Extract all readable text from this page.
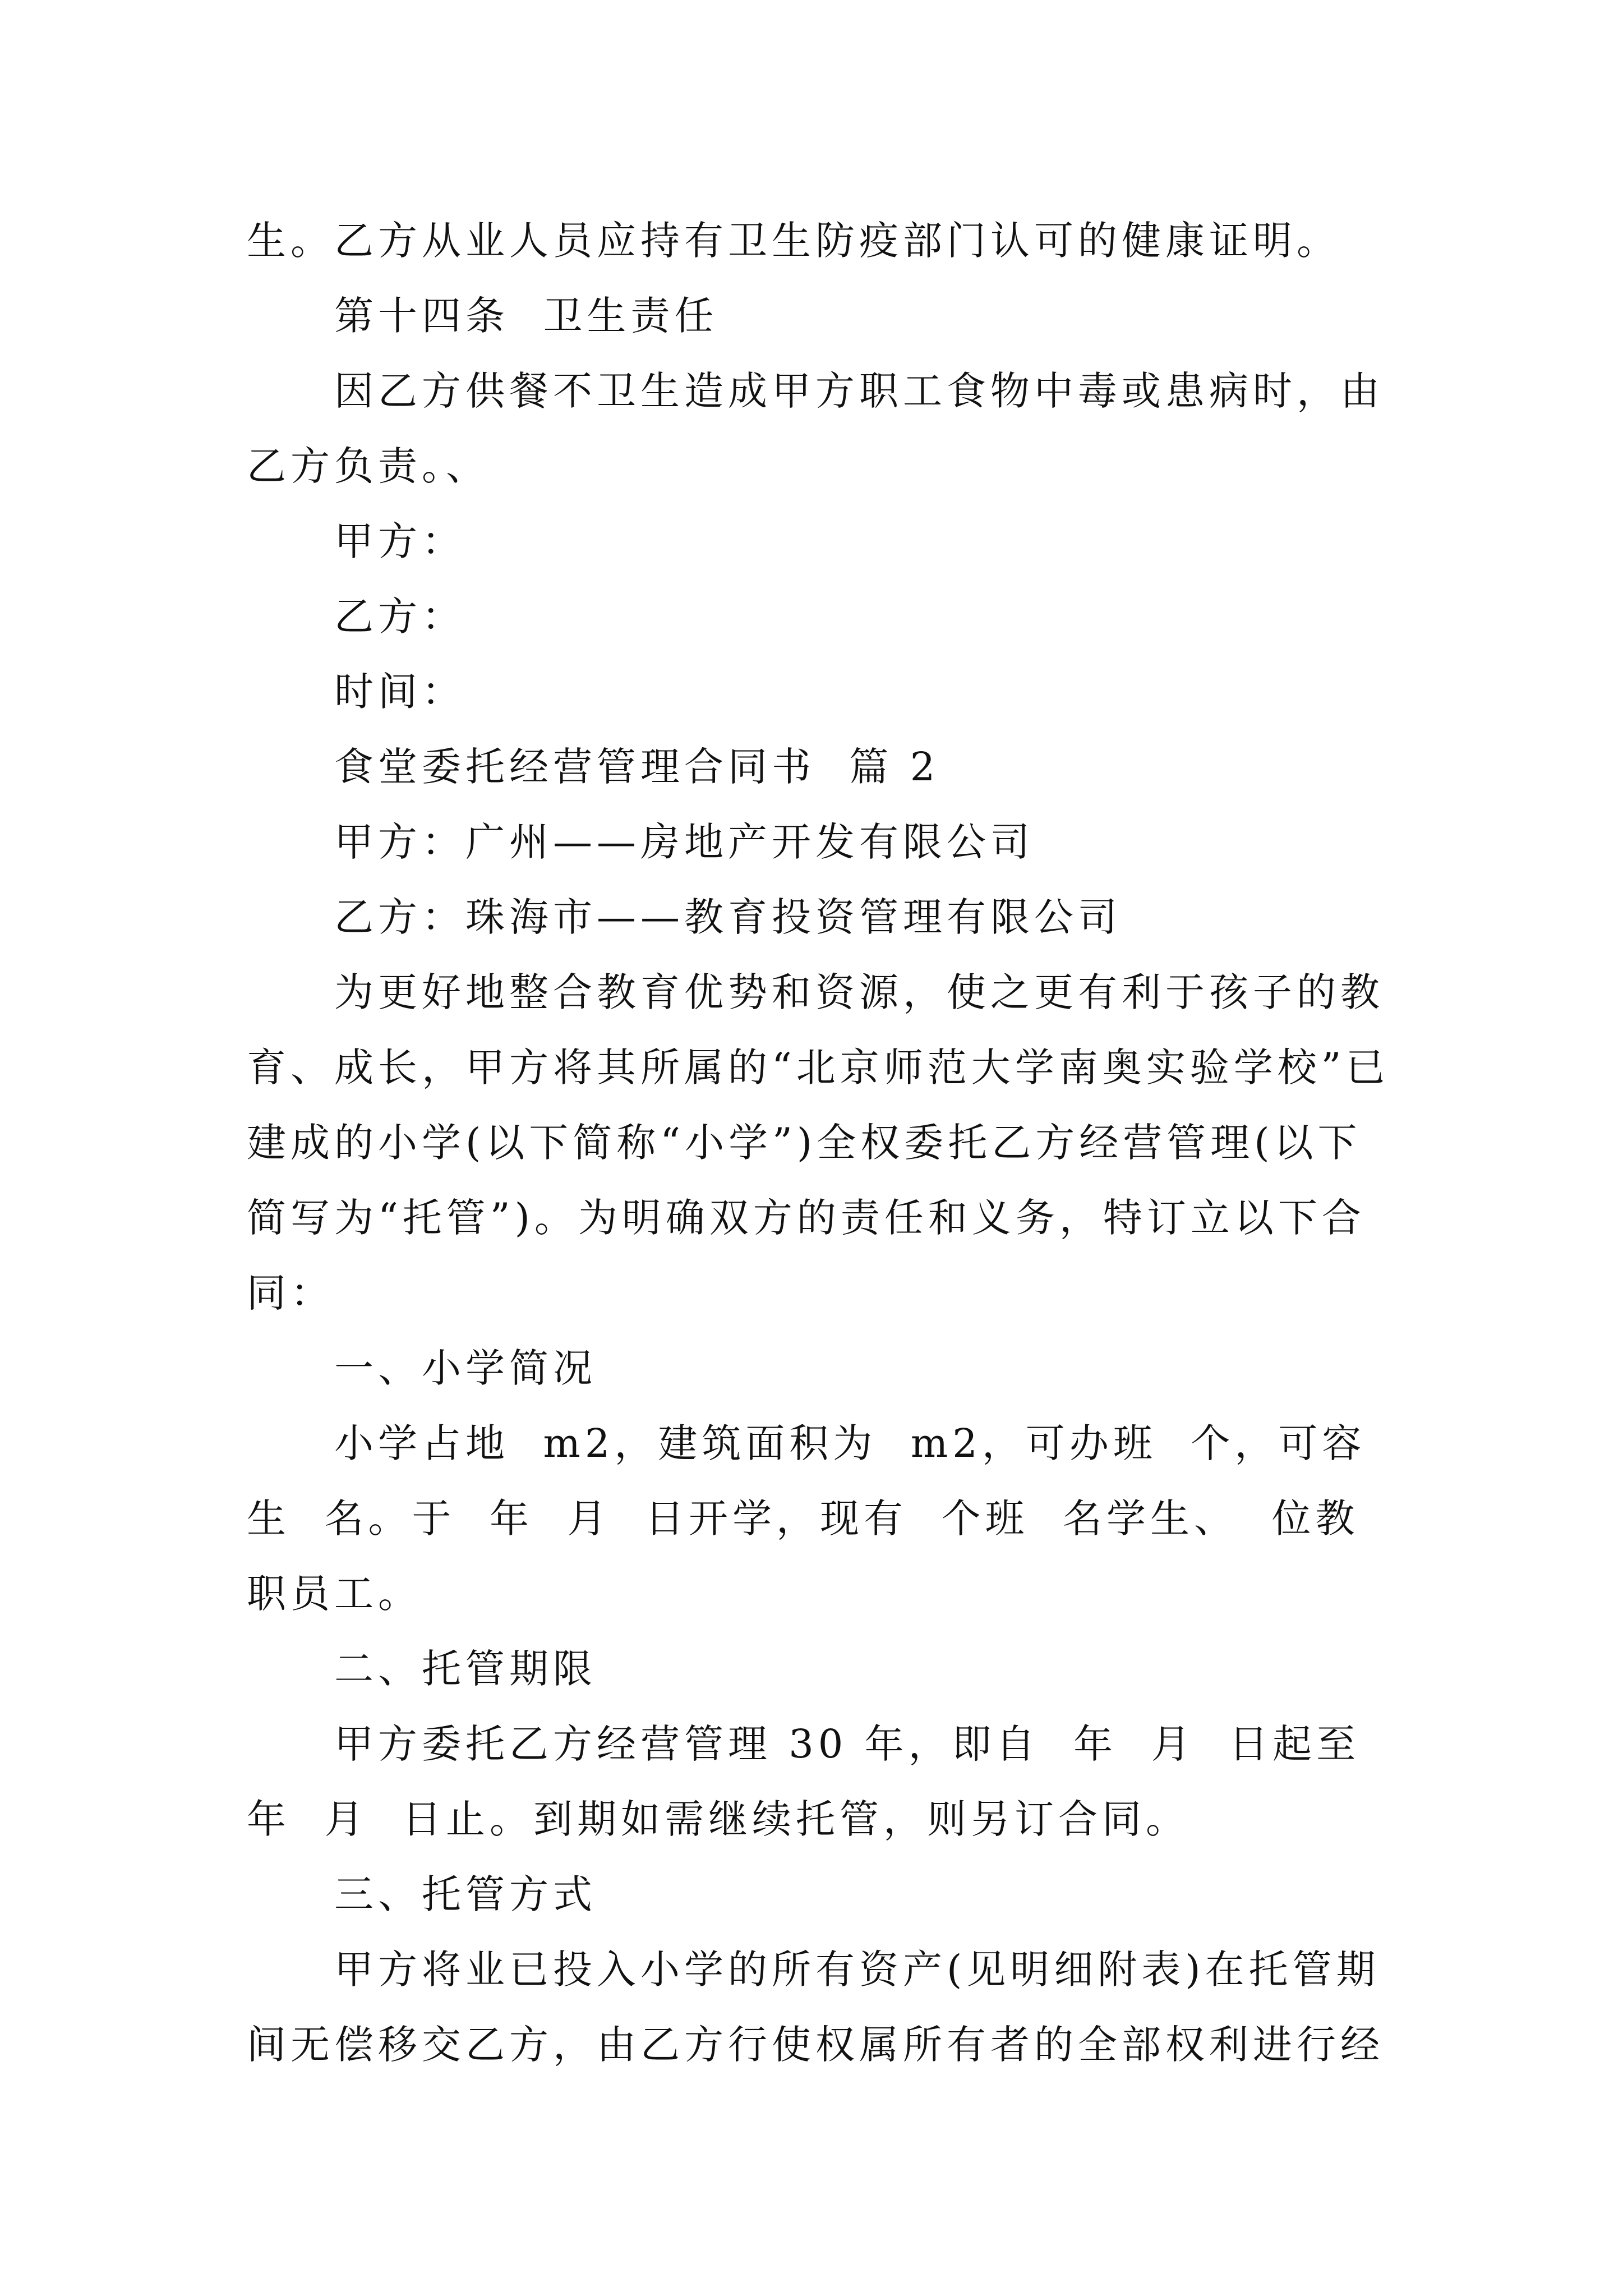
生。乙方从业人员应持有卫生防疫部门认可的健康证明。

第十四条  卫生责任

因乙方供餐不卫生造成甲方职工食物中毒或患病时，由乙方负责。、

甲方：

乙方：

时间：

食堂委托经营管理合同书  篇 2

甲方：广州——房地产开发有限公司

乙方：珠海市——教育投资管理有限公司

为更好地整合教育优势和资源，使之更有利于孩子的教育、成长，甲方将其所属的“北京师范大学南奥实验学校”已建成的小学(以下简称“小学”)全权委托乙方经营管理(以下简写为“托管”)。为明确双方的责任和义务，特订立以下合同：

一、小学简况

小学占地  m2，建筑面积为  m2，可办班  个，可容生  名。于  年  月  日开学，现有  个班  名学生、  位教职员工。

二、托管期限

甲方委托乙方经营管理 30 年，即自  年  月  日起至  年  月  日止。到期如需继续托管，则另订合同。

三、托管方式

甲方将业已投入小学的所有资产(见明细附表)在托管期间无偿移交乙方，由乙方行使权属所有者的全部权利进行经
